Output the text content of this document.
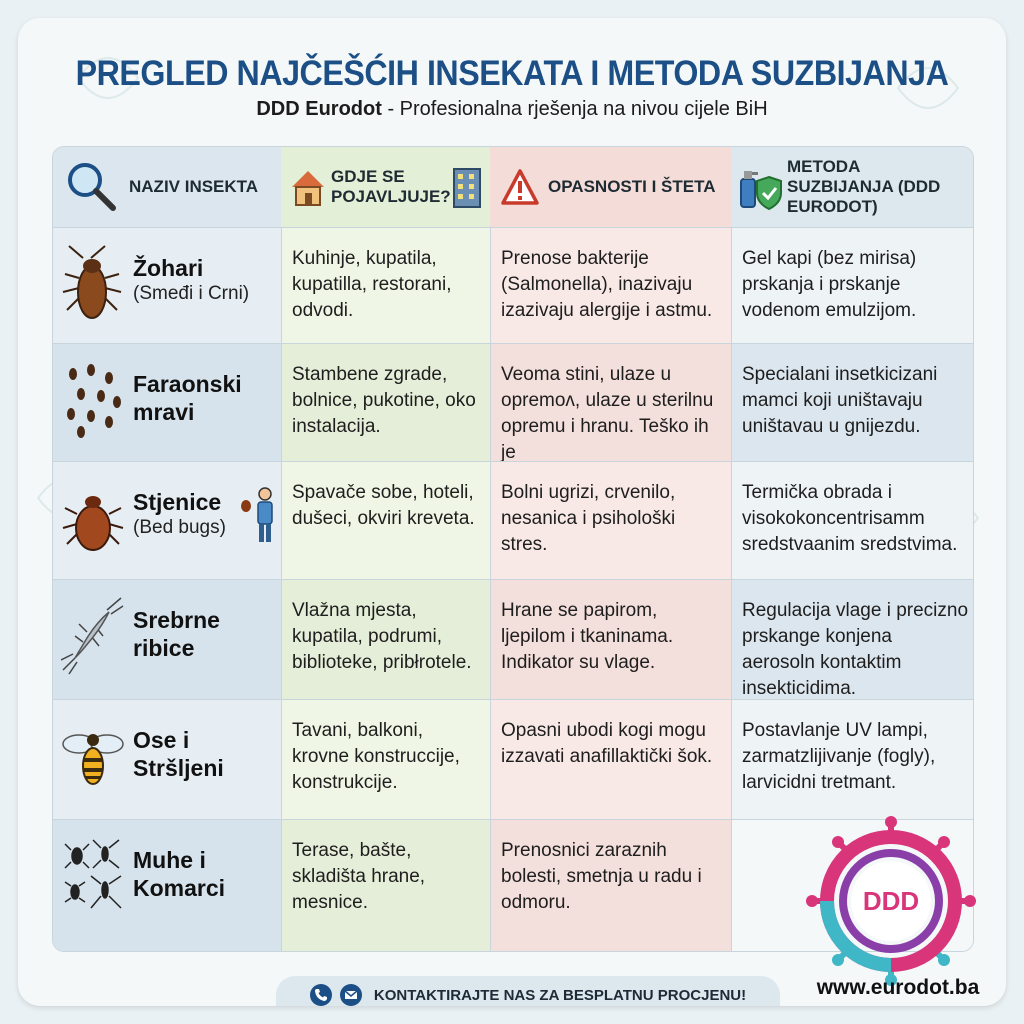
PREGLED NAJČEŠĆIH INSEKATA I METODA SUZBIJANJA
DDD Eurodot - Profesionalna rješenja na nivou cijele BiH
NAZIV INSEKTA
GDJE SE POJAVLJUJE?
OPASNOSTI I ŠTETA
METODA SUZBIJANJA (DDD EURODOT)
Žohari
(Smeđi i Crni)
Kuhinje, kupatila, kupatilla, restorani, odvodi.
Prenose bakterije (Salmonella), inazivaju izazivaju alergije i astmu.
Gel kapi (bez mirisa) prskanja i prskanje vodenom emulzijom.
Faraonski mravi
Stambene zgrade, bolnice, pukotine, oko instalacija.
Veoma stini, ulaze u opremoʌ, ulaze u sterilnu opremu i hranu. Teško ih je
Specialani insetkicizani mamci koji uništavaju uništavau u gnijezdu.
Stjenice
(Bed bugs)
Spavače sobe, hoteli, dušeci, okviri kreveta.
Bolni ugrizi, crvenilo, nesanica i psihološki stres.
Termička obrada i visokokoncentrisamm sredstvaanim sredstvima.
Srebrne ribice
Vlažna mjesta, kupatila, podrumi, biblioteke, pribłrotele.
Hrane se papirom, ljepilom i tkaninama. Indikator su vlage.
Regulacija vlage i precizno prskange konjena aerosoln kontaktim insekticidima.
Ose i Stršljeni
Tavani, balkoni, krovne konstruccije, konstrukcije.
Opasni ubodi kogi mogu izzavati anafillaktički šok.
Postavlanje UV lampi, zarmatzlijivanje (fogly), larvicidni tretmant.
Muhe i Komarci
Terase, bašte, skladišta hrane, mesnice.
Prenosnici zaraznih bolesti, smetnja u radu i odmoru.	DDD
www.eurodot.ba
KONTAKTIRAJTE NAS ZA BESPLATNU PROCJENU!
